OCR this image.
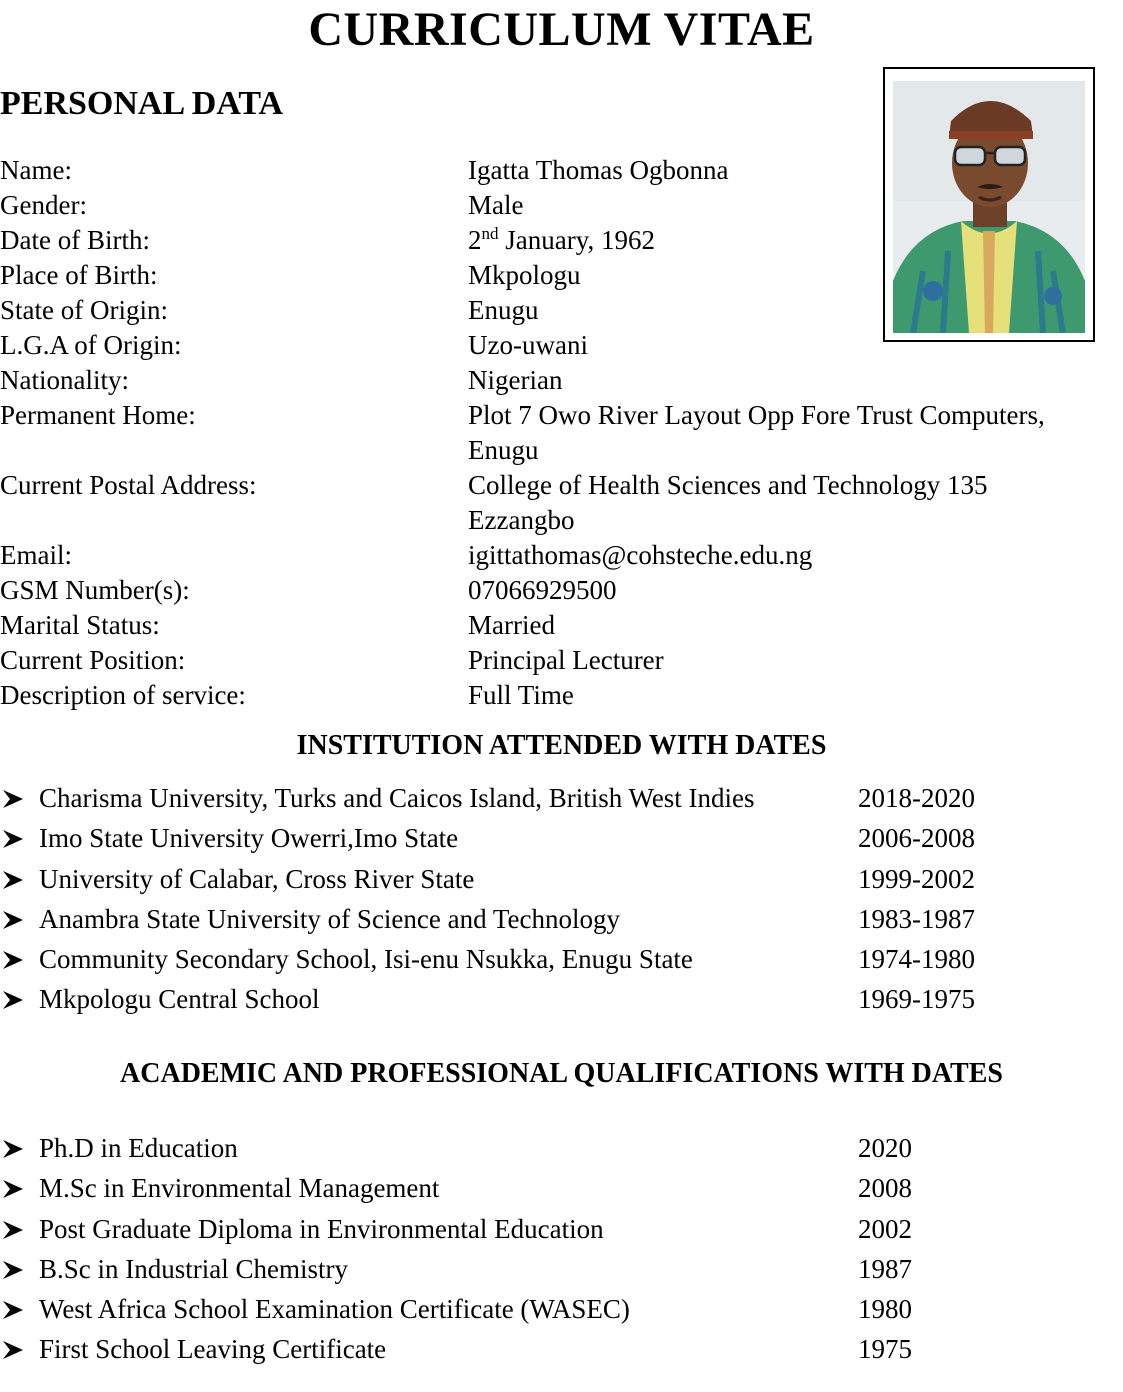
CURRICULUM VITAE
PERSONAL DATA
Name:	Igatta Thomas Ogbonna
Gender:	Male
Date of Birth:	2nd January, 1962
Place of Birth:	Mkpologu
State of Origin:	Enugu
L.G.A of Origin:	Uzo-uwani
Nationality:	Nigerian
Permanent Home:	Plot 7 Owo River Layout Opp Fore Trust Computers,
Enugu
Current Postal Address:	College of Health Sciences and Technology 135
Ezzangbo
Email:	igittathomas@cohsteche.edu.ng
GSM Number(s):	07066929500
Marital Status:	Married
Current Position:	Principal Lecturer
Description of service:	Full Time
INSTITUTION ATTENDED WITH DATES
Charisma University, Turks and Caicos Island, British West Indies	2018-2020
Imo State University Owerri,Imo State	2006-2008
University of Calabar, Cross River State	1999-2002
Anambra State University of Science and Technology	1983-1987
Community Secondary School, Isi-enu Nsukka, Enugu State	1974-1980
Mkpologu Central School	1969-1975
ACADEMIC AND PROFESSIONAL QUALIFICATIONS WITH DATES
Ph.D in Education	2020
M.Sc in Environmental Management	2008
Post Graduate Diploma in Environmental Education	2002
B.Sc in Industrial Chemistry	1987
West Africa School Examination Certificate (WASEC)	1980
First School Leaving Certificate	1975
